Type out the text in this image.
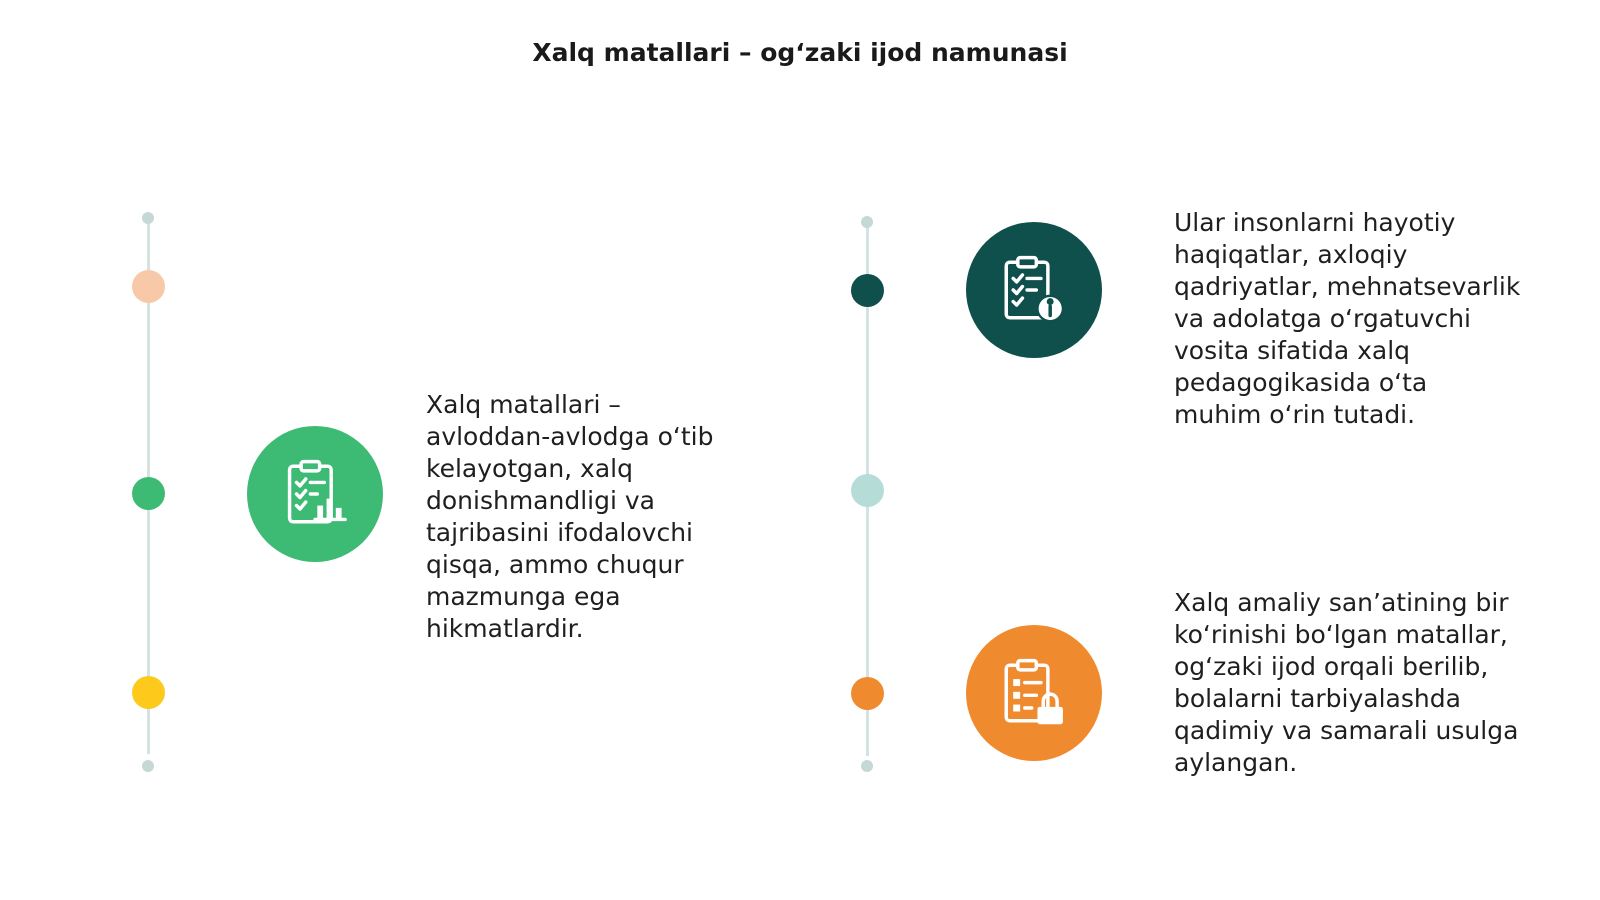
Xalq matallari – og‘zaki ijod namunasi
Xalq matallari –
avloddan-avlodga o‘tib
kelayotgan, xalq
donishmandligi va
tajribasini ifodalovchi
qisqa, ammo chuqur
mazmunga ega
hikmatlardir.
Ular insonlarni hayotiy
haqiqatlar, axloqiy
qadriyatlar, mehnatsevarlik
va adolatga o‘rgatuvchi
vosita sifatida xalq
pedagogikasida o‘ta
muhim o‘rin tutadi.
Xalq amaliy san’atining bir
ko‘rinishi bo‘lgan matallar,
og‘zaki ijod orqali berilib,
bolalarni tarbiyalashda
qadimiy va samarali usulga
aylangan.
